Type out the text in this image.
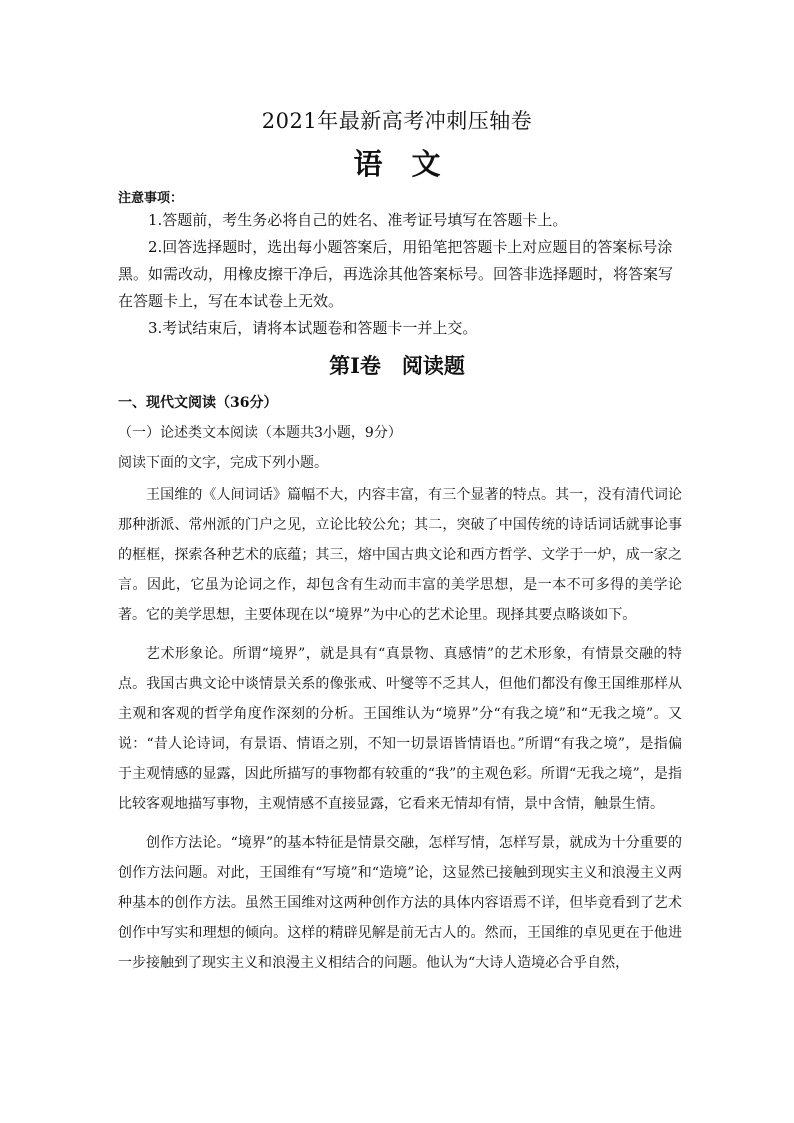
2021年最新高考冲刺压轴卷
语　文
注意事项：

1.答题前，考生务必将自己的姓名、准考证号填写在答题卡上。

2.回答选择题时，选出每小题答案后，用铅笔把答题卡上对应题目的答案标号涂黑。如需改动，用橡皮擦干净后，再选涂其他答案标号。回答非选择题时，将答案写在答题卡上，写在本试卷上无效。

3.考试结束后，请将本试题卷和答题卡一并上交。

第Ⅰ卷　阅读题

一、现代文阅读（36分）

（一）论述类文本阅读（本题共3小题，9分）

阅读下面的文字，完成下列小题。

王国维的《人间词话》篇幅不大，内容丰富，有三个显著的特点。其一，没有清代词论那种浙派、常州派的门户之见，立论比较公允；其二，突破了中国传统的诗话词话就事论事的框框，探索各种艺术的底蕴；其三，熔中国古典文论和西方哲学、文学于一炉，成一家之言。因此，它虽为论词之作，却包含有生动而丰富的美学思想，是一本不可多得的美学论著。它的美学思想，主要体现在以“境界”为中心的艺术论里。现择其要点略谈如下。

艺术形象论。所谓“境界”，就是具有“真景物、真感情”的艺术形象，有情景交融的特点。我国古典文论中谈情景关系的像张戒、叶燮等不乏其人，但他们都没有像王国维那样从主观和客观的哲学角度作深刻的分析。王国维认为“境界”分“有我之境”和“无我之境”。又说：“昔人论诗词，有景语、情语之别，不知一切景语皆情语也。”所谓“有我之境”，是指偏于主观情感的显露，因此所描写的事物都有较重的“我”的主观色彩。所谓“无我之境”，是指比较客观地描写事物，主观情感不直接显露，它看来无情却有情，景中含情，触景生情。

创作方法论。“境界”的基本特征是情景交融，怎样写情，怎样写景，就成为十分重要的创作方法问题。对此，王国维有“写境”和“造境”论，这显然已接触到现实主义和浪漫主义两种基本的创作方法。虽然王国维对这两种创作方法的具体内容语焉不详，但毕竟看到了艺术创作中写实和理想的倾向。这样的精辟见解是前无古人的。然而，王国维的卓见更在于他进一步接触到了现实主义和浪漫主义相结合的问题。他认为“大诗人造境必合乎自然，
